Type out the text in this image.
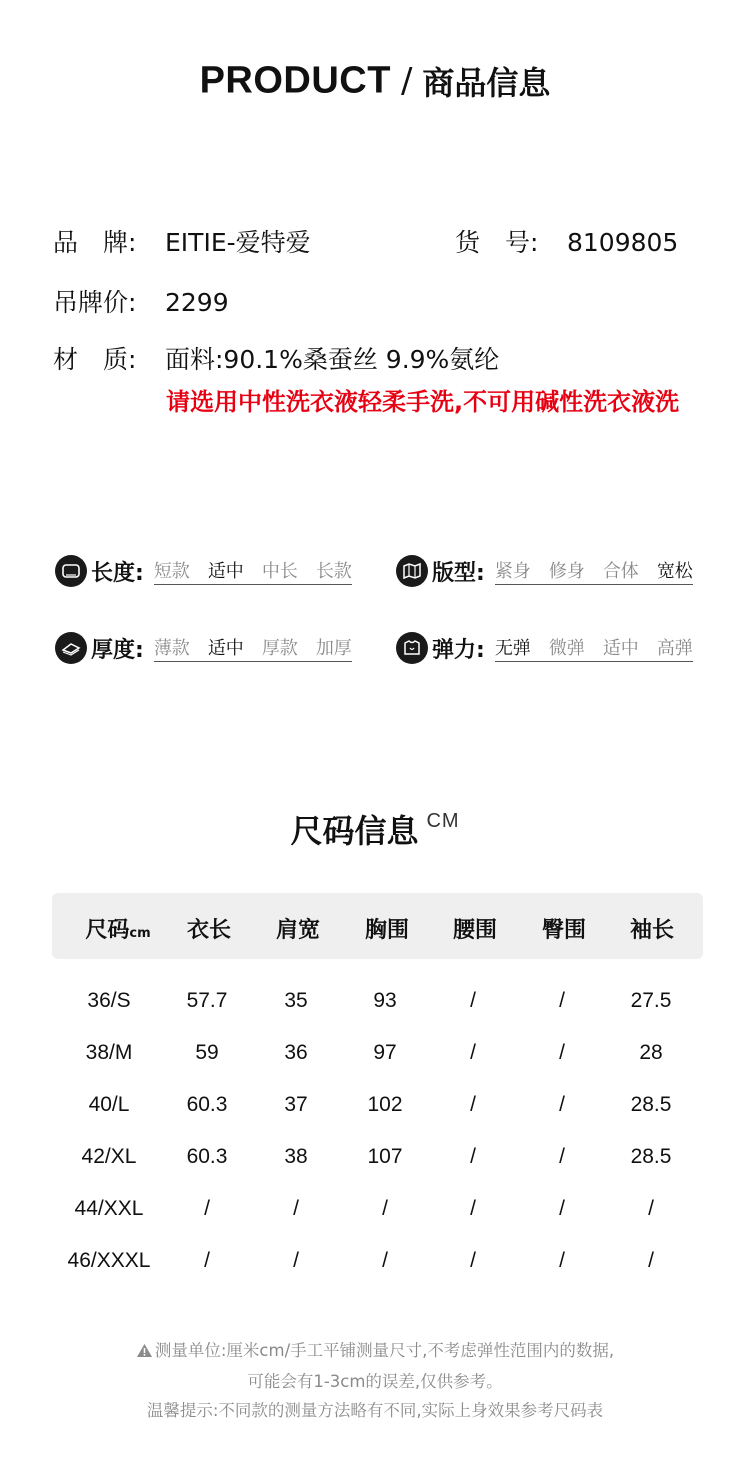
PRODUCT / 商品信息
品　牌: EITIE-爱特爱	货　号: 8109805
吊牌价: 2299
材　质: 面料:90.1%桑蚕丝 9.9%氨纶
请选用中性洗衣液轻柔手洗,不可用碱性洗衣液洗
长度: 短款 适中 中长 长款	版型: 紧身 修身 合体 宽松
厚度: 薄款 适中 厚款 加厚	弹力: 无弹 微弹 适中 高弹
尺码信息 CM
尺码cm	衣长	肩宽	胸围	腰围	臀围	袖长
36/S	57.7	35	93	/	/	27.5
38/M	59	36	97	/	/	28
40/L	60.3	37	102	/	/	28.5
42/XL	60.3	38	107	/	/	28.5
44/XXL	/	/	/	/	/	/
46/XXXL	/	/	/	/	/	/
测量单位:厘米cm/手工平铺测量尺寸,不考虑弹性范围内的数据,
可能会有1-3cm的误差,仅供参考。
温馨提示:不同款的测量方法略有不同,实际上身效果参考尺码表
